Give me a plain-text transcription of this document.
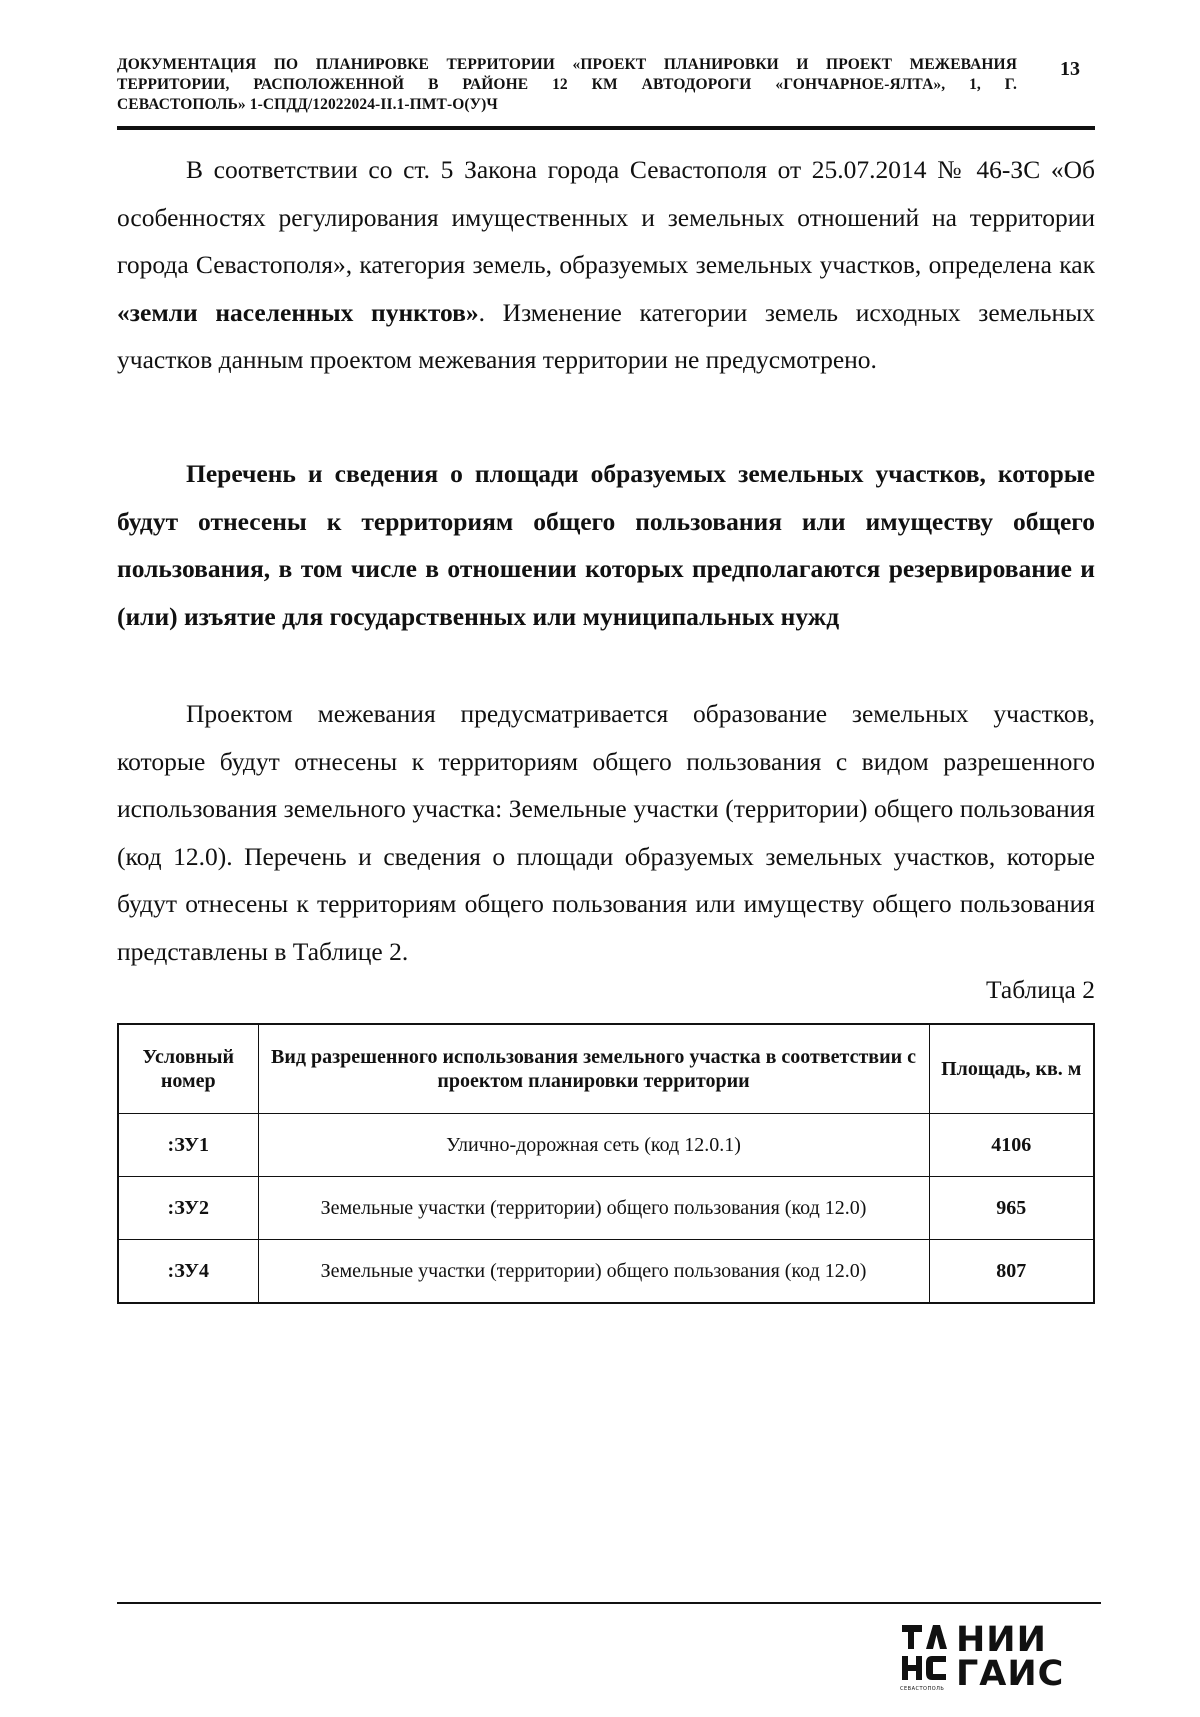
ДОКУМЕНТАЦИЯ ПО ПЛАНИРОВКЕ ТЕРРИТОРИИ «ПРОЕКТ ПЛАНИРОВКИ И ПРОЕКТ МЕЖЕВАНИЯ
ТЕРРИТОРИИ, РАСПОЛОЖЕННОЙ В РАЙОНЕ 12 КМ АВТОДОРОГИ «ГОНЧАРНОЕ-ЯЛТА», 1, Г.
СЕВАСТОПОЛЬ» 1-СПДД/12022024-II.1-ПМТ-О(У)Ч
13

В соответствии со ст. 5 Закона города Севастополя от 25.07.2014 № 46-ЗС «Об особенностях регулирования имущественных и земельных отношений на территории города Севастополя», категория земель, образуемых земельных участков, определена как «земли населенных пунктов». Изменение категории земель исходных земельных участков данным проектом межевания территории не предусмотрено.

Перечень и сведения о площади образуемых земельных участков, которые будут отнесены к территориям общего пользования или имуществу общего пользования, в том числе в отношении которых предполагаются резервирование и (или) изъятие для государственных или муниципальных нужд

Проектом межевания предусматривается образование земельных участков, которые будут отнесены к территориям общего пользования с видом разрешенного использования земельного участка: Земельные участки (территории) общего пользования (код 12.0). Перечень и сведения о площади образуемых земельных участков, которые будут отнесены к территориям общего пользования или имуществу общего пользования представлены в Таблице 2.

Таблица 2
Условный номер	Вид разрешенного использования земельного участка в соответствии с проектом планировки территории	Площадь, кв. м
:ЗУ1	Улично-дорожная сеть (код 12.0.1)	4106
:ЗУ2	Земельные участки (территории) общего пользования (код 12.0)	965
:ЗУ4	Земельные участки (территории) общего пользования (код 12.0)	807
НИИ
ГАИС
СЕВАСТОПОЛЬ
